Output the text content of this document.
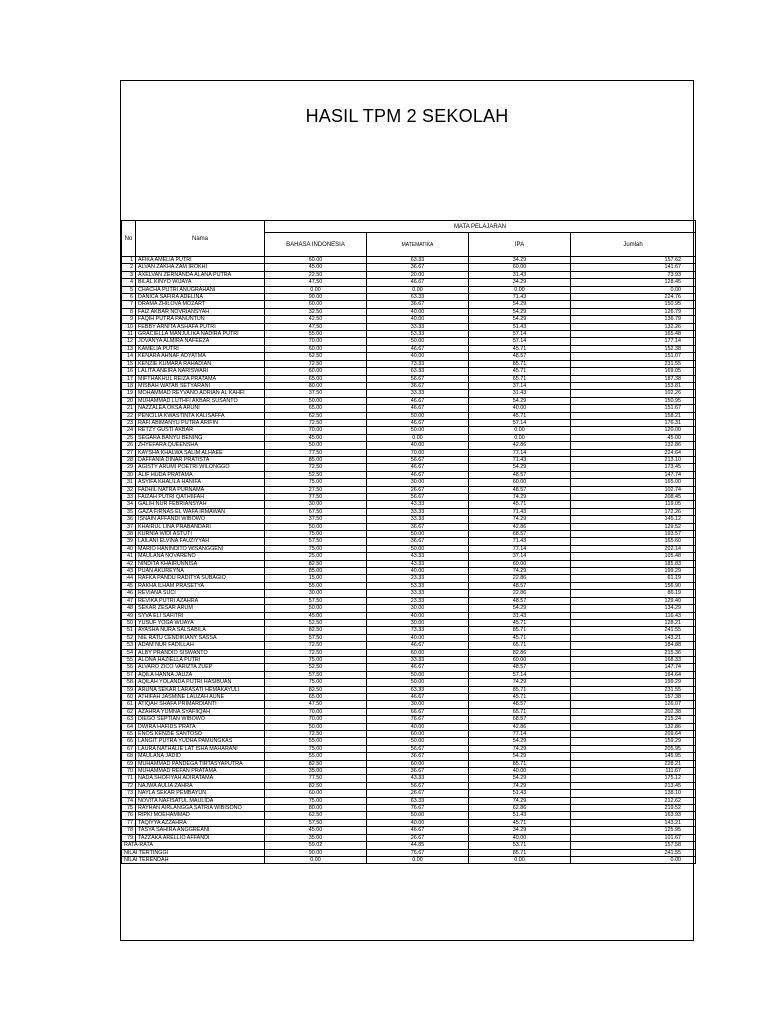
HASIL TPM 2 SEKOLAH
No	Nama	MATA PELAJARAN			
		BAHASA INDONESIA	MATEMATIKA	IPA	Jumlah
1	AFIKA AMELIA PUTRI	60.00	63.33	34.29	157.62
2	ALVAN ZAKHA ZAM IROKHI	45.00	36.67	60.00	141.67
3	AXELVAN ZERNANDA ALANA PUTRA	22.50	20.00	31.43	73.93
4	BILAL KINYO WIJAYA	47.50	46.67	34.29	128.45
5	CHACHA PUTRI ANUGRAHANI	0.00	0.00	0.00	0.00
6	DANICA SAFIRA ADELINA	90.00	63.33	71.43	224.76
7	DRAMA ZHILOVA MOZART	60.00	36.67	54.29	150.95
8	FAIZ AKBAR NOVRIANSYAH	32.50	40.00	54.29	126.79
9	FAQIH PUTRA PANUNTUN	42.50	40.00	54.29	136.79
10	FEBBY ARNITA ASHAFA PUTRI	47.50	33.33	51.43	132.26
11	GRACIELLA MANJULIKA NADIRA PUTRI	55.00	53.33	57.14	165.48
12	JOVANYA ALMIRA NAFEEZA	70.00	50.00	57.14	177.14
13	KAMELIA PUTRI	60.00	46.67	45.71	152.38
14	KENARA AHNAF ADYATMA	62.50	40.00	48.57	151.07
15	KENZIE KUMARA RAHADIAN	72.50	73.33	85.71	231.55
16	LALITA ANEIRA NARISWARI	60.00	63.33	45.71	169.05
17	MIFTHAKHUL REIZA PRATAMA	65.00	56.67	65.71	187.38
18	MISBAH WATAB SETYARANI	80.00	36.67	37.14	153.81
19	MOHAMMAD REYVANO ADRIAN AL KAHFI	37.50	33.33	31.43	102.26
20	MUHAMMAD LUTHFI AKBAR SUSANTO	50.00	46.67	54.29	150.95
21	NAZZALEA OKSA ARUNI	65.00	46.67	40.00	151.67
22	PENCILIA KWASTINTA KALISAFFA	62.50	50.00	45.71	158.21
23	RAFI ABIMANYU PUTRA ARIFIN	72.50	46.67	57.14	176.31
24	RETZY GUSTI AKBAR	70.00	50.00	0.00	120.00
25	SEGARA BANYU BENING	45.00	0.00	0.00	45.00
26	ZHYEFARA QUEENSHA	50.00	40.00	42.86	132.86
27	KAYSHA KHALWA SALIM ALHAEE	77.50	70.00	77.14	224.64
28	DAFFANIA DINAR PRATISTA	85.00	56.67	71.43	213.10
29	AGISTY ARUMI POETRI WILONGGO	72.50	46.67	54.29	173.45
30	ALIF HUDA PRATAMA	52.50	46.67	48.57	147.74
31	ASYIFA KHALILA HANIFA	75.00	30.00	60.00	165.00
32	FADHIL NATRA PURNAMA	27.50	26.67	48.57	102.74
33	FAIZAH PUTRI QATHIIFAH	77.50	56.67	74.29	208.45
34	GALIH NUR FEBRIANSYAH	30.00	43.33	45.71	119.05
35	GAZA FIRNAS EL WAFA IRMAWAN	67.50	33.33	71.43	172.26
36	ISNAIN AFFANDI WIBOWO	37.50	33.33	74.29	145.12
37	KHAIRUL LINA PRABANDARI	50.00	36.67	42.86	129.52
38	KURNIA WIDI ASTUTI	75.00	50.00	68.57	193.57
39	LAILANI ELVINA FAUZIYYAH	57.50	36.67	71.43	165.60
40	MARIO HANINDITO WISANGGENI	75.00	50.00	77.14	202.14
41	MAULANA NOVARENO	25.00	43.33	37.14	105.48
42	NINDITA KHAIRUNNISA	82.50	43.33	60.00	185.83
43	PUAN AKUREYNA	85.00	40.00	74.29	199.29
44	RAFKA PANDU RADITYA SUBAGIO	15.00	23.33	22.86	61.19
45	RAKHA ILHAM PRASETYA	55.00	53.33	48.57	156.90
46	REVIANA SUCI	30.00	33.33	22.86	86.19
47	REVIKA PUTRI AZAHRA	57.50	23.33	48.57	129.40
48	SEKAR ZESAR ARUM	50.00	30.00	54.29	134.29
49	SYVA ELI SAFITRI	45.00	40.00	31.43	116.43
50	YUSUF YOGA WIJAYA	52.50	30.00	45.71	128.21
51	AYASHA NURA SALSABILA	82.50	73.33	85.71	241.55
52	NIE RATU CENDIKIANY SASSA	57.50	40.00	45.71	143.21
53	ADAM NUR FADILLAH	72.50	46.67	65.71	184.88
54	ALBY PRANDIO SISWANTO	72.50	60.00	82.86	215.36
55	ALONA HAZIELLA PUTRI	75.00	33.33	60.00	168.33
56	ALVARO ZICO VARIZTA ZUEP	52.50	46.67	48.57	147.74
57	AQILA HANNA JAUZA	57.50	50.00	57.14	164.64
58	AQILAH YOLANDA PUTRI HASIBUAN	75.00	50.00	74.29	199.29
59	ARUNA SEKAR LARASATI HEMAKAYULI	82.50	63.33	85.71	231.55
60	ATHIFAH JASMINE LAUZAH AUNE	65.00	46.67	45.71	157.38
61	ATIQAH SHAFA PRIMARDIANTI	47.50	30.00	48.57	126.07
62	AZAHRA YUMNA SYAFIIQAH	70.00	66.67	65.71	202.38
63	DIEGO SEPTIAN WIBOWO	70.00	76.67	68.57	215.24
64	DWIRA HAFIDS PRATA	50.00	40.00	42.86	132.86
65	ENOS KENZIE SANTOSO	72.50	60.00	77.14	209.64
66	LANGIT PUTRA YUDHA PAMUNGKAS	55.00	50.00	54.29	159.29
67	LAURA NATHALIE LAT ISHA MAHARANI	75.00	56.67	74.29	205.95
68	MAULANA JADID	55.00	36.67	54.29	145.95
69	MUHAMMAD PANDEGA TIRTASYAPUTRA	82.50	60.00	85.71	228.21
70	MUHAMMAD REFAN PRATAMA	35.00	36.67	40.00	111.67
71	NADA SHOFIYAH ADIRATAMA	77.50	43.33	54.29	175.12
72	NAJWA AULIA ZAHRA	82.50	56.67	74.29	213.45
73	NAYLA SEKAR PEMBAYUN	60.00	26.67	51.43	138.10
74	NOVITA NAFISATUL MAULIDA	75.00	63.33	74.29	212.62
75	RAYHAN AIRLANGGA SATRIA WIBISONO	80.00	76.67	62.86	219.52
76	RIPKI MOEHAMMAD	62.50	50.00	51.43	163.93
77	TAQIYYA AZZAHRA	57.50	40.00	45.71	143.21
78	TASYA SAHIRA ANGGREANI	45.00	46.67	34.29	125.95
79	TAZZAKA ARELLIO AFFANDI	35.00	26.67	40.00	101.67
RATA-RATA		59.02	44.85	53.71	157.58
NILAI TERTINGGI		90.00	76.67	85.71	241.55
NILAI TERENDAH		0.00	0.00	0.00	0.00
